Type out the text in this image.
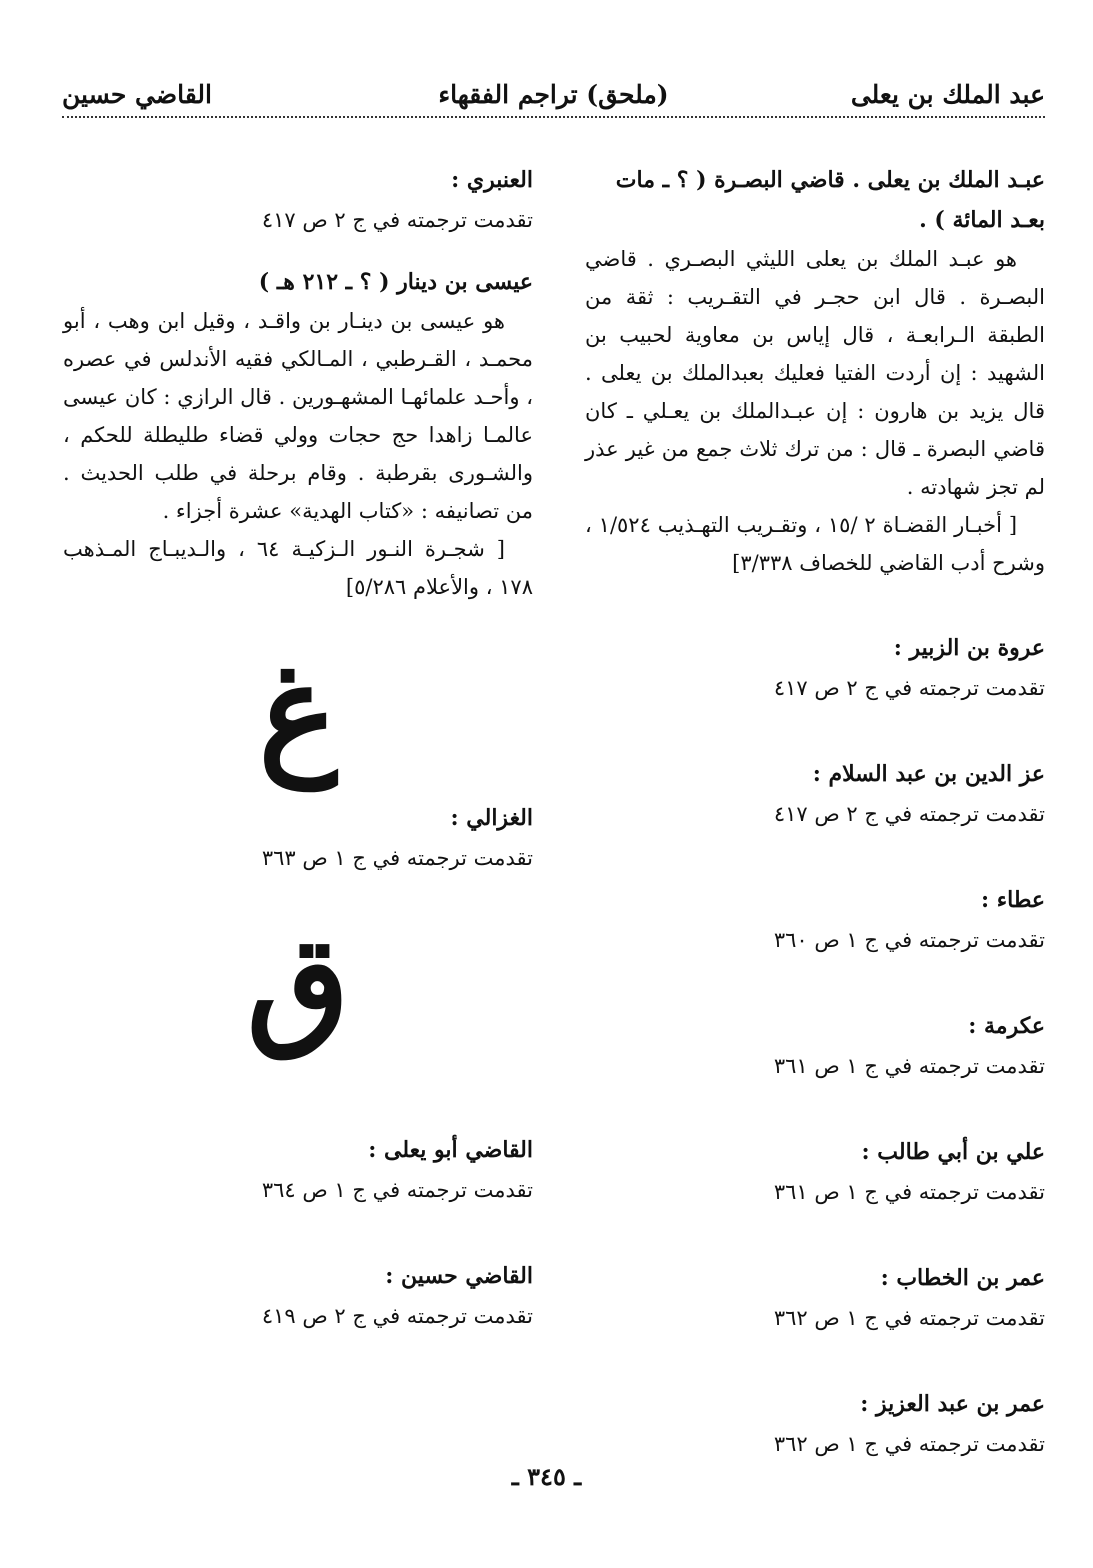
عبد الملك بن يعلى
(ملحق) تراجم الفقهاء
القاضي حسين

عبـد الملك بن يعلى . قاضي البصـرة ( ؟ ـ مات بعـد المائة ) .

هو عبـد الملك بن يعلى الليثي البصـري . قاضي البصـرة . قال ابن حجـر في التقـريب : ثقة من الطبقة الـرابعـة ، قال إياس بن معاوية لحبيب بن الشهيد : إن أردت الفتيا فعليك بعبدالملك بن يعلى . قال يزيد بن هارون : إن عبـدالملك بن يعـلي ـ كان قاضي البصرة ـ قال : من ترك ثلاث جمع من غير عذر لم تجز شهادته .

[ أخبـار القضـاة ٢ /١٥ ، وتقـريب التهـذيب ١/٥٢٤ ، وشرح أدب القاضي للخصاف ٣/٣٣٨]

عروة بن الزبير :

تقدمت ترجمته في ج ٢ ص ٤١٧

عز الدين بن عبد السلام :

تقدمت ترجمته في ج ٢ ص ٤١٧

عطاء :

تقدمت ترجمته في ج ١ ص ٣٦٠

عكرمة :

تقدمت ترجمته في ج ١ ص ٣٦١

علي بن أبي طالب :

تقدمت ترجمته في ج ١ ص ٣٦١

عمر بن الخطاب :

تقدمت ترجمته في ج ١ ص ٣٦٢

عمر بن عبد العزيز :

تقدمت ترجمته في ج ١ ص ٣٦٢

العنبري :

تقدمت ترجمته في ج ٢ ص ٤١٧

عيسى بن دينار ( ؟ ـ ٢١٢ هـ )

هو عيسى بن دينـار بن واقـد ، وقيل ابن وهب ، أبو محمـد ، القـرطبي ، المـالكي فقيه الأندلس في عصره ، وأحـد علمائهـا المشهـورين . قال الرازي : كان عيسى عالمـا زاهدا حج حجات وولي قضاء طليطلة للحكم ، والشـورى بقرطبة . وقام برحلة في طلب الحديث . من تصانيفه : «كتاب الهدية» عشرة أجزاء .

[ شجـرة النـور الـزكيـة ٦٤ ، والـديبـاج المـذهب ١٧٨ ، والأعلام ٥/٢٨٦]

غ

الغزالي :

تقدمت ترجمته في ج ١ ص ٣٦٣

ق

القاضي أبو يعلى :

تقدمت ترجمته في ج ١ ص ٣٦٤

القاضي حسين :

تقدمت ترجمته في ج ٢ ص ٤١٩

ـ ٣٤٥ ـ
